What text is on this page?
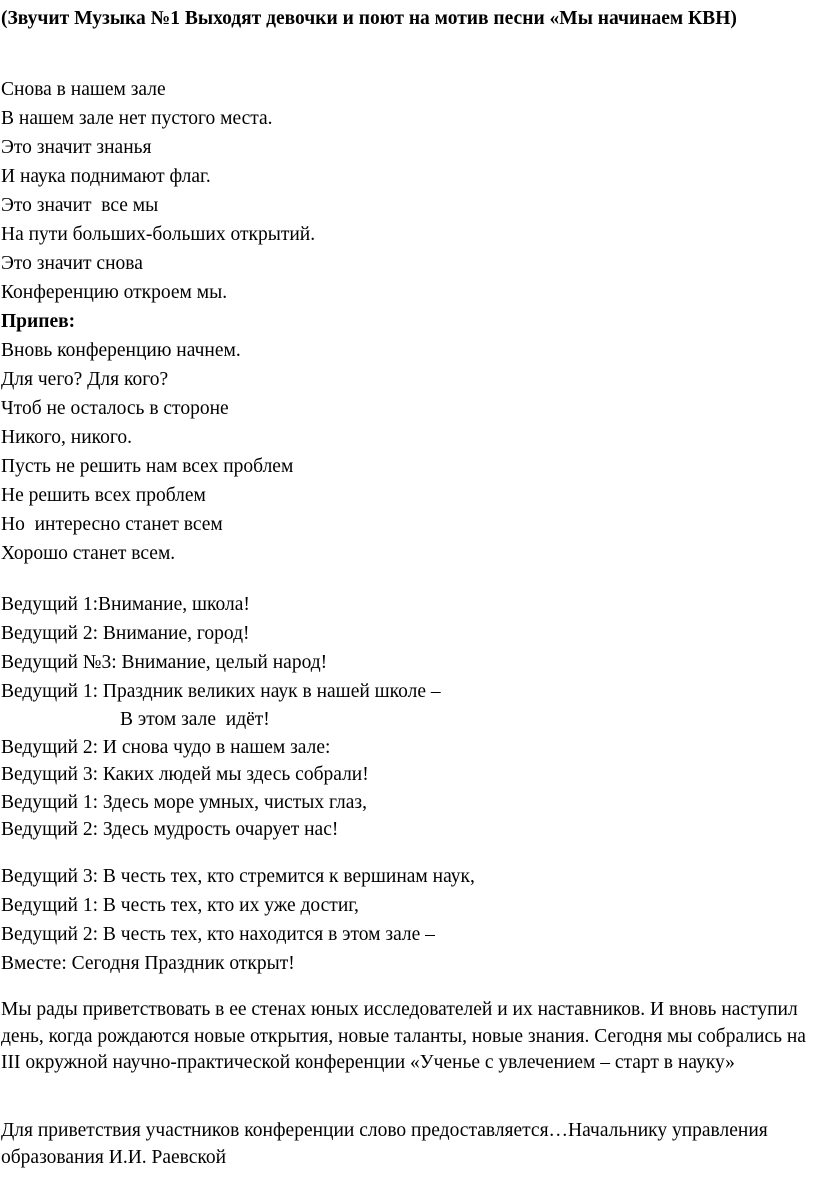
(Звучит Музыка №1 Выходят девочки и поют на мотив песни «Мы начинаем КВН)

Снова в нашем зале
В нашем зале нет пустого места.
Это значит знанья
И наука поднимают флаг.
Это значит  все мы
На пути больших-больших открытий.
Это значит снова
Конференцию откроем мы.
Припев:
Вновь конференцию начнем.
Для чего? Для кого?
Чтоб не осталось в стороне
Никого, никого.
Пусть не решить нам всех проблем
Не решить всех проблем
Но  интересно станет всем
Хорошо станет всем.
Ведущий 1:Внимание, школа!
Ведущий 2: Внимание, город!
Ведущий №3: Внимание, целый народ!
Ведущий 1: Праздник великих наук в нашей школе –
В этом зале  идёт!
Ведущий 2: И снова чудо в нашем зале:
Ведущий 3: Каких людей мы здесь собрали!
Ведущий 1: Здесь море умных, чистых глаз,
Ведущий 2: Здесь мудрость очарует нас!
Ведущий 3: В честь тех, кто стремится к вершинам наук,
Ведущий 1: В честь тех, кто их уже достиг,
Ведущий 2: В честь тех, кто находится в этом зале –
Вместе: Сегодня Праздник открыт!

Мы рады приветствовать в ее стенах юных исследователей и их наставников. И вновь наступил день, когда рождаются новые открытия, новые таланты, новые знания. Сегодня мы собрались на III окружной научно-практической конференции «Ученье с увлечением – старт в науку»

Для приветствия участников конференции слово предоставляется…Начальнику управления образования И.И. Раевской
